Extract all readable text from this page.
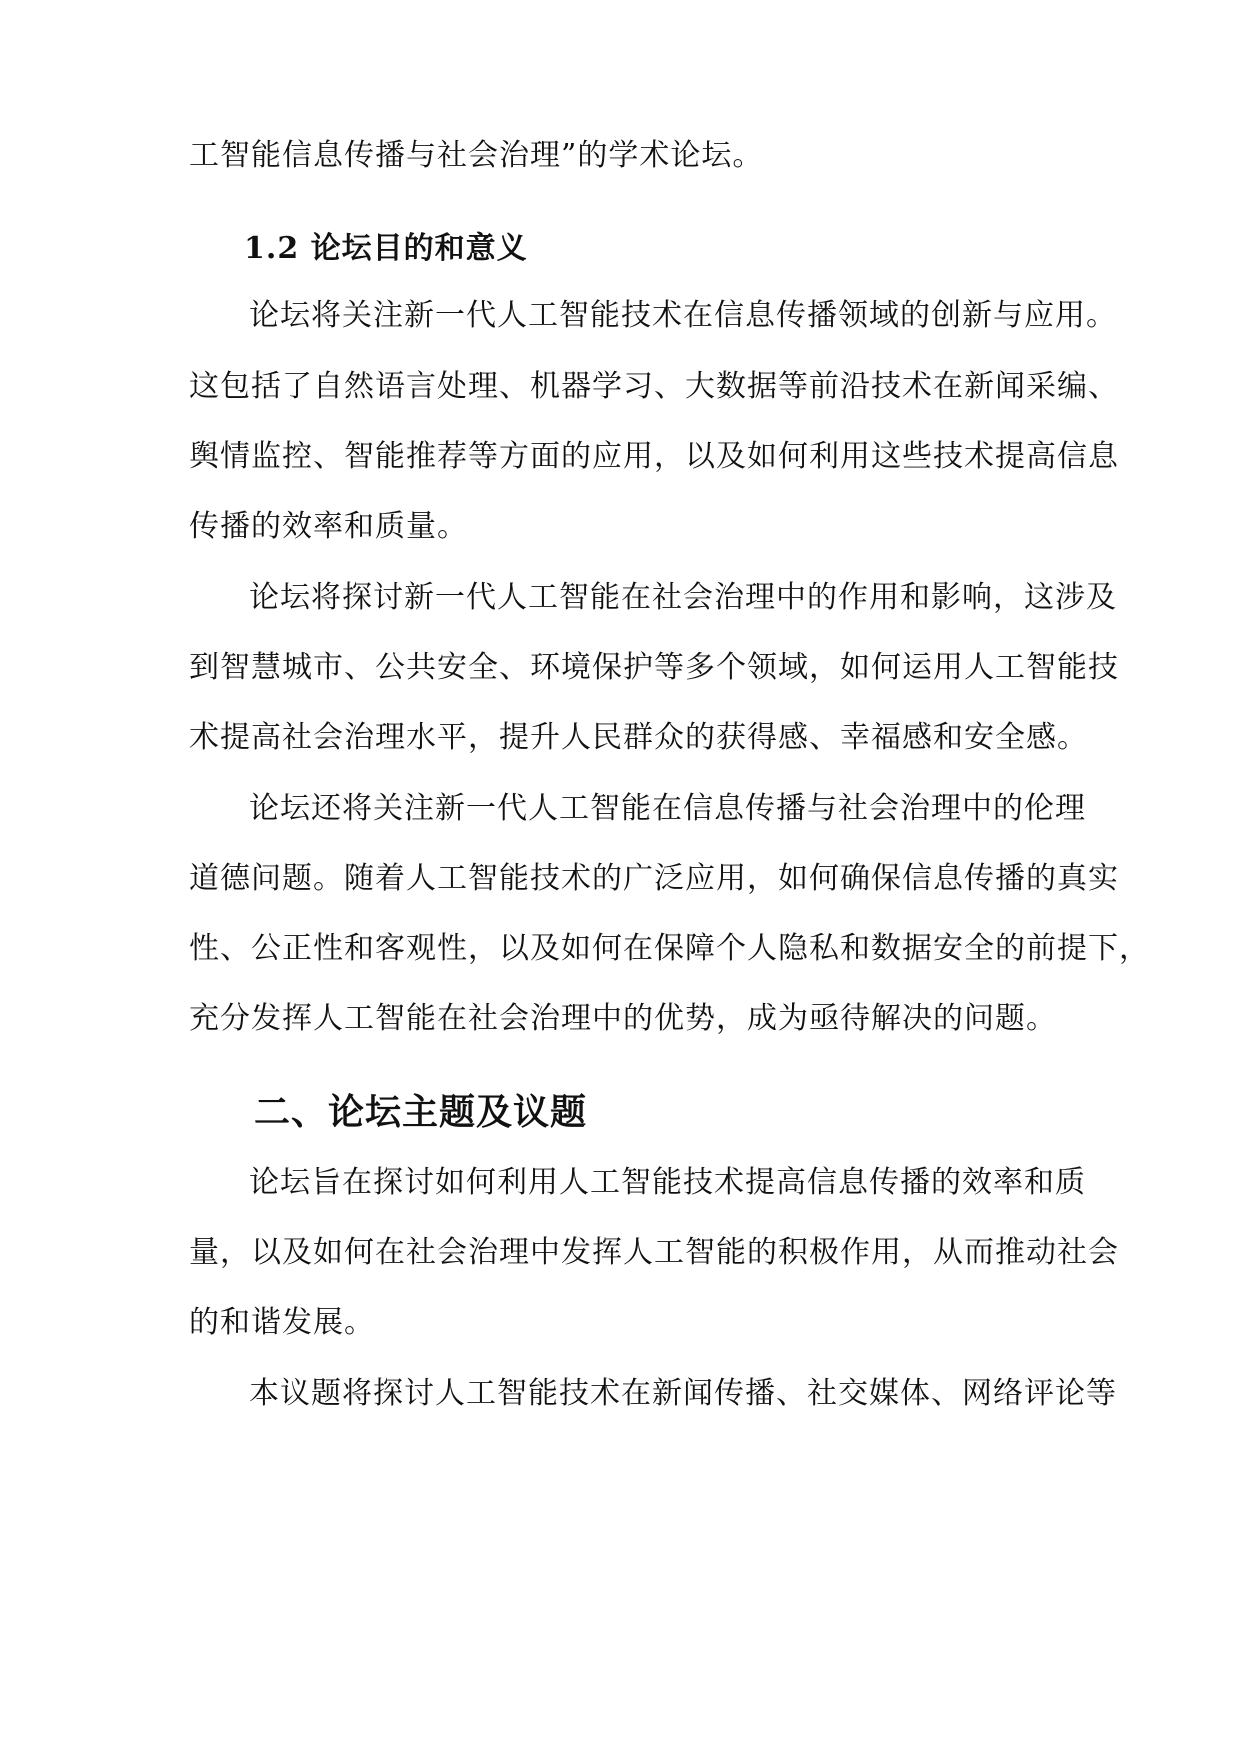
工智能信息传播与社会治理”的学术论坛。
1.2 论坛目的和意义
论坛将关注新一代人工智能技术在信息传播领域的创新与应用。
这包括了自然语言处理、机器学习、大数据等前沿技术在新闻采编、
舆情监控、智能推荐等方面的应用，以及如何利用这些技术提高信息
传播的效率和质量。
论坛将探讨新一代人工智能在社会治理中的作用和影响，这涉及
到智慧城市、公共安全、环境保护等多个领域，如何运用人工智能技
术提高社会治理水平，提升人民群众的获得感、幸福感和安全感。
论坛还将关注新一代人工智能在信息传播与社会治理中的伦理
道德问题。随着人工智能技术的广泛应用，如何确保信息传播的真实
性、公正性和客观性，以及如何在保障个人隐私和数据安全的前提下，
充分发挥人工智能在社会治理中的优势，成为亟待解决的问题。
二、论坛主题及议题
论坛旨在探讨如何利用人工智能技术提高信息传播的效率和质
量，以及如何在社会治理中发挥人工智能的积极作用，从而推动社会
的和谐发展。
本议题将探讨人工智能技术在新闻传播、社交媒体、网络评论等
